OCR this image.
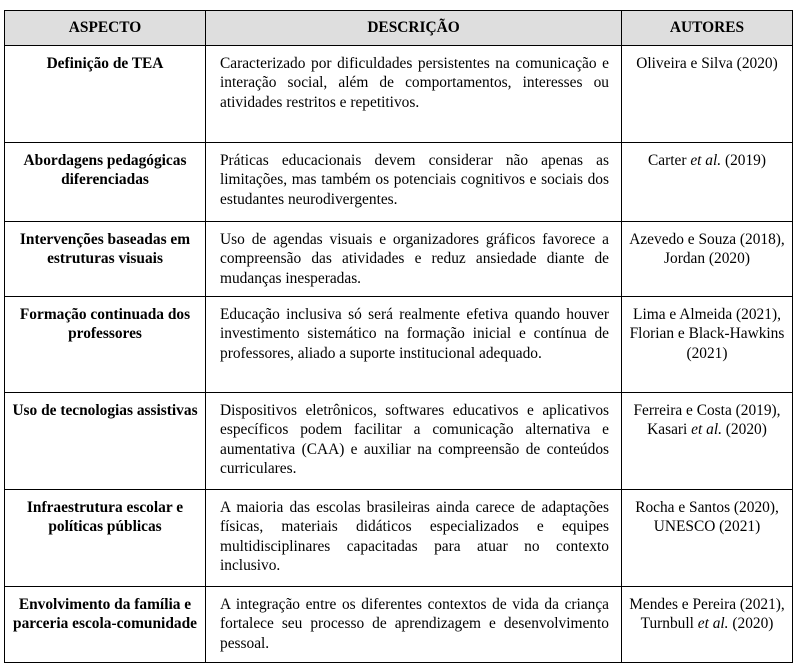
ASPECTO	DESCRIÇÃO	AUTORES
Definição de TEA	Caracterizado por dificuldades persistentes na comunicação e interação social, além de comportamentos, interesses ou atividades restritos e repetitivos.	Oliveira e Silva (2020)
Abordagens pedagógicas diferenciadas	Práticas educacionais devem considerar não apenas as limitações, mas também os potenciais cognitivos e sociais dos estudantes neurodivergentes.	Carter et al. (2019)
Intervenções baseadas em estruturas visuais	Uso de agendas visuais e organizadores gráficos favorece a compreensão das atividades e reduz ansiedade diante de mudanças inesperadas.	Azevedo e Souza (2018), Jordan (2020)
Formação continuada dos professores	Educação inclusiva só será realmente efetiva quando houver investimento sistemático na formação inicial e contínua de professores, aliado a suporte institucional adequado.	Lima e Almeida (2021), Florian e Black-Hawkins (2021)
Uso de tecnologias assistivas	Dispositivos eletrônicos, softwares educativos e aplicativos específicos podem facilitar a comunicação alternativa e aumentativa (CAA) e auxiliar na compreensão de conteúdos curriculares.	Ferreira e Costa (2019), Kasari et al. (2020)
Infraestrutura escolar e políticas públicas	A maioria das escolas brasileiras ainda carece de adaptações físicas, materiais didáticos especializados e equipes multidisciplinares capacitadas para atuar no contexto inclusivo.	Rocha e Santos (2020), UNESCO (2021)
Envolvimento da família e parceria escola-comunidade	A integração entre os diferentes contextos de vida da criança fortalece seu processo de aprendizagem e desenvolvimento pessoal.	Mendes e Pereira (2021), Turnbull et al. (2020)
